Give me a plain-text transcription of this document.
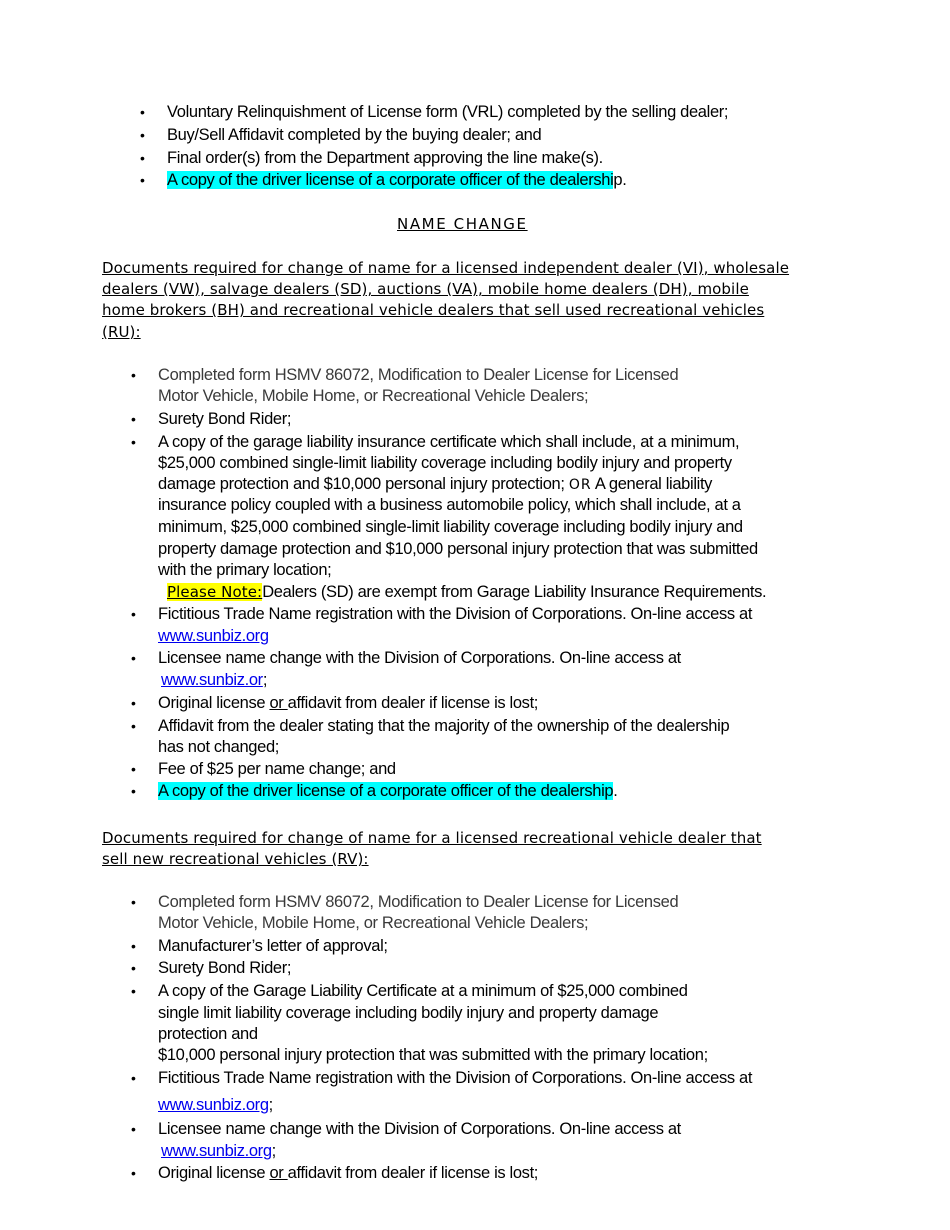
• Voluntary Relinquishment of License form (VRL) completed by the selling dealer;
• Buy/Sell Affidavit completed by the buying dealer; and
• Final order(s) from the Department approving the line make(s).
• A copy of the driver license of a corporate officer of the dealership.
NAME CHANGE
Documents required for change of name for a licensed independent dealer (VI), wholesale
dealers (VW), salvage dealers (SD), auctions (VA), mobile home dealers (DH), mobile
home brokers (BH) and recreational vehicle dealers that sell used recreational vehicles
(RU):
• Completed form HSMV 86072, Modification to Dealer License for Licensed
Motor Vehicle, Mobile Home, or Recreational Vehicle Dealers;
• Surety Bond Rider;
• A copy of the garage liability insurance certificate which shall include, at a minimum,
$25,000 combined single-limit liability coverage including bodily injury and property
damage protection and $10,000 personal injury protection; OR A general liability
insurance policy coupled with a business automobile policy, which shall include, at a
minimum, $25,000 combined single-limit liability coverage including bodily injury and
property damage protection and $10,000 personal injury protection that was submitted
with the primary location;
Please Note:Dealers (SD) are exempt from Garage Liability Insurance Requirements.
• Fictitious Trade Name registration with the Division of Corporations. On-line access at
www.sunbiz.org
• Licensee name change with the Division of Corporations. On-line access at
www.sunbiz.or;
• Original license or affidavit from dealer if license is lost;
• Affidavit from the dealer stating that the majority of the ownership of the dealership
has not changed;
• Fee of $25 per name change; and
• A copy of the driver license of a corporate officer of the dealership.
Documents required for change of name for a licensed recreational vehicle dealer that
sell new recreational vehicles (RV):
• Completed form HSMV 86072, Modification to Dealer License for Licensed
Motor Vehicle, Mobile Home, or Recreational Vehicle Dealers;
• Manufacturer’s letter of approval;
• Surety Bond Rider;
• A copy of the Garage Liability Certificate at a minimum of $25,000 combined
single limit liability coverage including bodily injury and property damage
protection and
$10,000 personal injury protection that was submitted with the primary location;
• Fictitious Trade Name registration with the Division of Corporations. On-line access at
www.sunbiz.org;
• Licensee name change with the Division of Corporations. On-line access at
www.sunbiz.org;
• Original license or affidavit from dealer if license is lost;
